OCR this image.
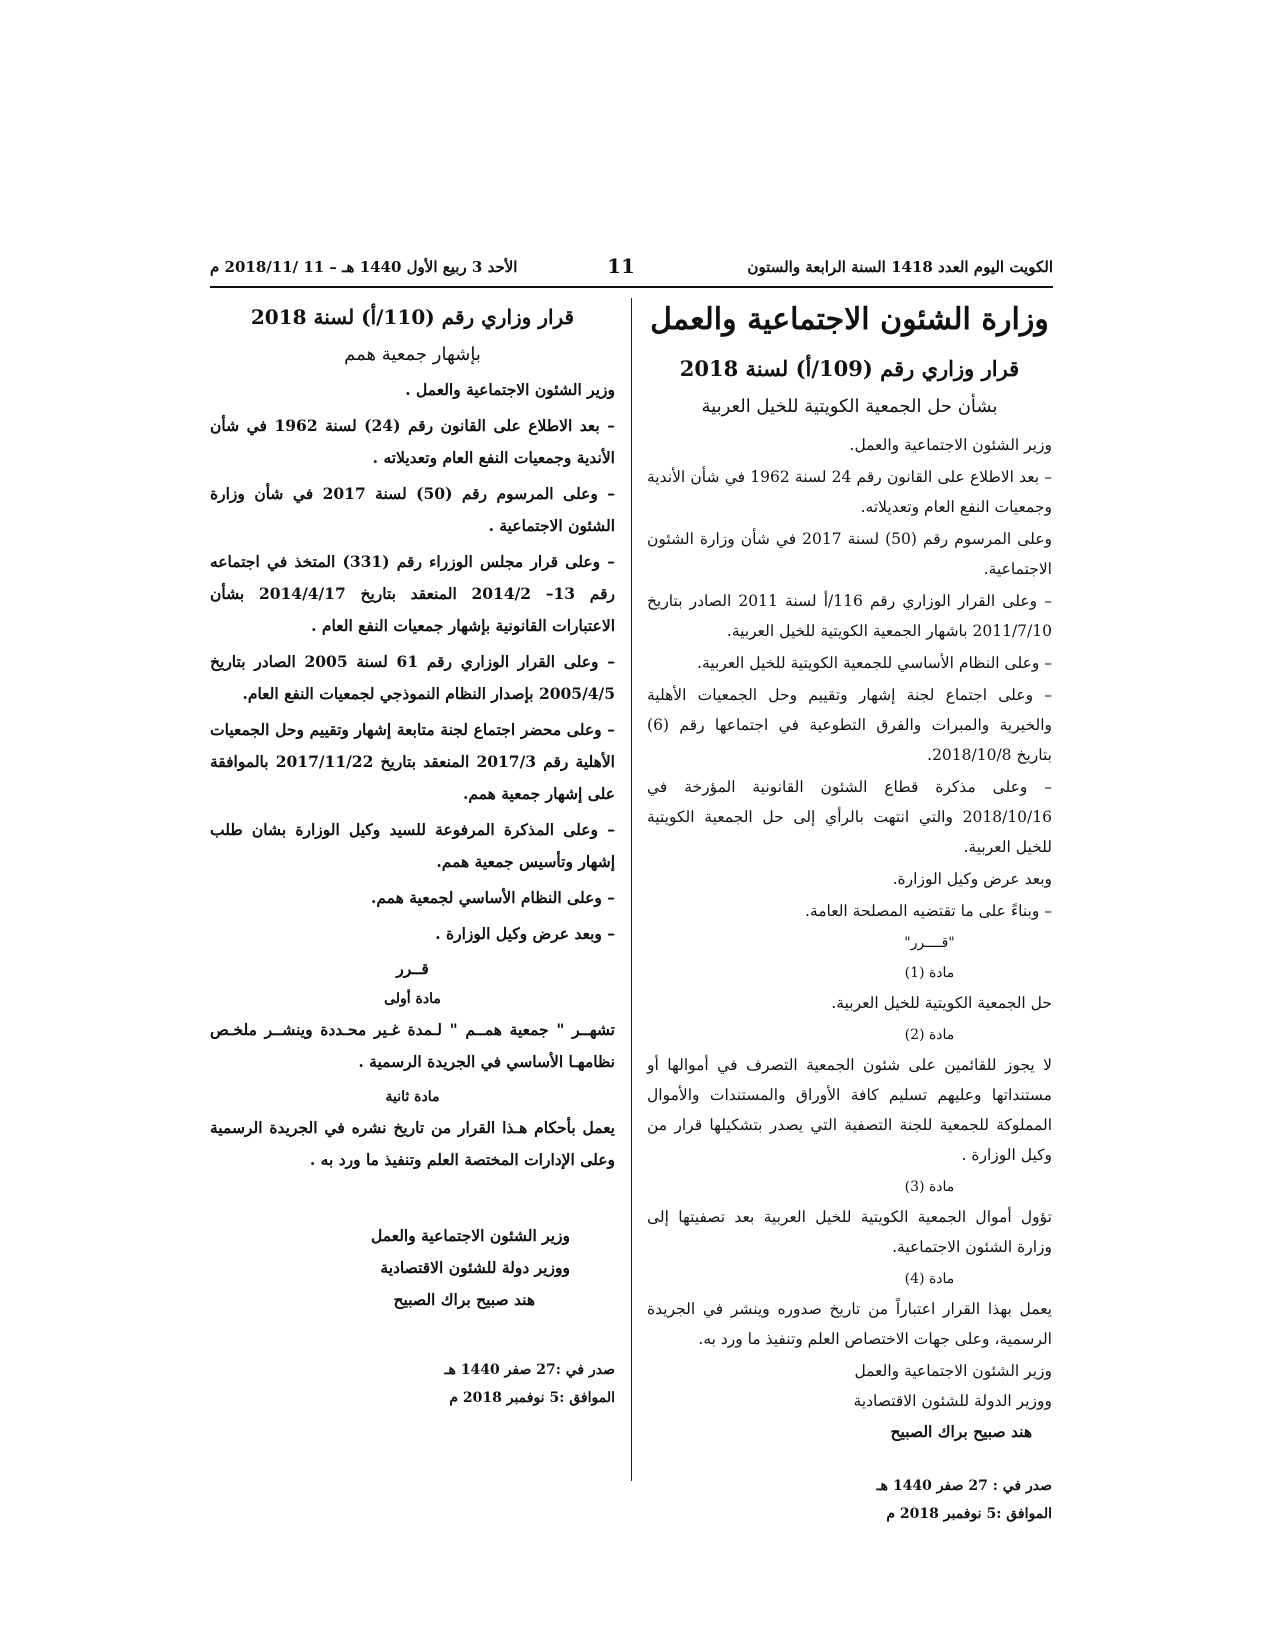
الكويت اليوم العدد 1418 السنة الرابعة والستون
11
الأحد 3 ربيع الأول 1440 هـ – 11 /2018/11 م
وزارة الشئون الاجتماعية والعمل
قرار وزاري رقم (109/أ) لسنة 2018
بشأن حل الجمعية الكويتية للخيل العربية

وزير الشئون الاجتماعية والعمل.

– بعد الاطلاع على القانون رقم 24 لسنة 1962 في شأن الأندية وجمعيات النفع العام وتعديلاته.

وعلى المرسوم رقم (50) لسنة 2017 في شأن وزارة الشئون الاجتماعية.

– وعلى القرار الوزاري رقم 116/أ لسنة 2011 الصادر بتاريخ 2011/7/10 باشهار الجمعية الكويتية للخيل العربية.

– وعلى النظام الأساسي للجمعية الكويتية للخيل العربية.

– وعلى اجتماع لجنة إشهار وتقييم وحل الجمعيات الأهلية والخيرية والمبرات والفرق التطوعية في اجتماعها رقم (6) بتاريخ 2018/10/8.

– وعلى مذكرة قطاع الشئون القانونية المؤرخة في 2018/10/16 والتي انتهت بالرأي إلى حل الجمعية الكويتية للخيل العربية.

وبعد عرض وكيل الوزارة.

– وبناءً على ما تقتضيه المصلحة العامة.

"قــــرر"

مادة (1)

حل الجمعية الكويتية للخيل العربية.

مادة (2)

لا يجوز للقائمين على شئون الجمعية التصرف في أموالها أو مستنداتها وعليهم تسليم كافة الأوراق والمستندات والأموال المملوكة للجمعية للجنة التصفية التي يصدر بتشكيلها قرار من وكيل الوزارة .

مادة (3)

تؤول أموال الجمعية الكويتية للخيل العربية بعد تصفيتها إلى وزارة الشئون الاجتماعية.

مادة (4)

يعمل بهذا القرار اعتباراً من تاريخ صدوره وينشر في الجريدة الرسمية، وعلى جهات الاختصاص العلم وتنفيذ ما ورد به.

وزير الشئون الاجتماعية والعمل

ووزير الدولة للشئون الاقتصادية

هند صبيح براك الصبيح

صدر في : 27 صفر 1440 هـ

الموافق :5 نوفمبر 2018 م

قرار وزاري رقم (110/أ) لسنة 2018
بإشهار جمعية همم

وزير الشئون الاجتماعية والعمل .

– بعد الاطلاع على القانون رقم (24) لسنة 1962 في شأن الأندية وجمعيات النفع العام وتعديلاته .

– وعلى المرسوم رقم (50) لسنة 2017 في شأن وزارة الشئون الاجتماعية .

– وعلى قرار مجلس الوزراء رقم (331) المتخذ في اجتماعه رقم 13– 2014/2 المنعقد بتاريخ 2014/4/17 بشأن الاعتبارات القانونية بإشهار جمعيات النفع العام .

– وعلى القرار الوزاري رقم 61 لسنة 2005 الصادر بتاريخ 2005/4/5 بإصدار النظام النموذجي لجمعيات النفع العام.

– وعلى محضر اجتماع لجنة متابعة إشهار وتقييم وحل الجمعيات الأهلية رقم 2017/3 المنعقد بتاريخ 2017/11/22 بالموافقة على إشهار جمعية همم.

– وعلى المذكرة المرفوعة للسيد وكيل الوزارة بشان طلب إشهار وتأسيس جمعية همم.

– وعلى النظام الأساسي لجمعية همم.

– وبعد عرض وكيل الوزارة .

قــرر

مادة أولى

تشهــر " جمعية همــم " لـمدة غـير محـددة وينشــر ملخـص نظامهـا الأساسي في الجريدة الرسمية .

مادة ثانية

يعمل بأحكام هـذا القرار من تاريخ نشره في الجريدة الرسمية وعلى الإدارات المختصة العلم وتنفيذ ما ورد به .

وزير الشئون الاجتماعية والعمل

ووزير دولة للشئون الاقتصادية

هند صبيح براك الصبيح

صدر في :27 صفر 1440 هـ

الموافق :5 نوفمبر 2018 م
